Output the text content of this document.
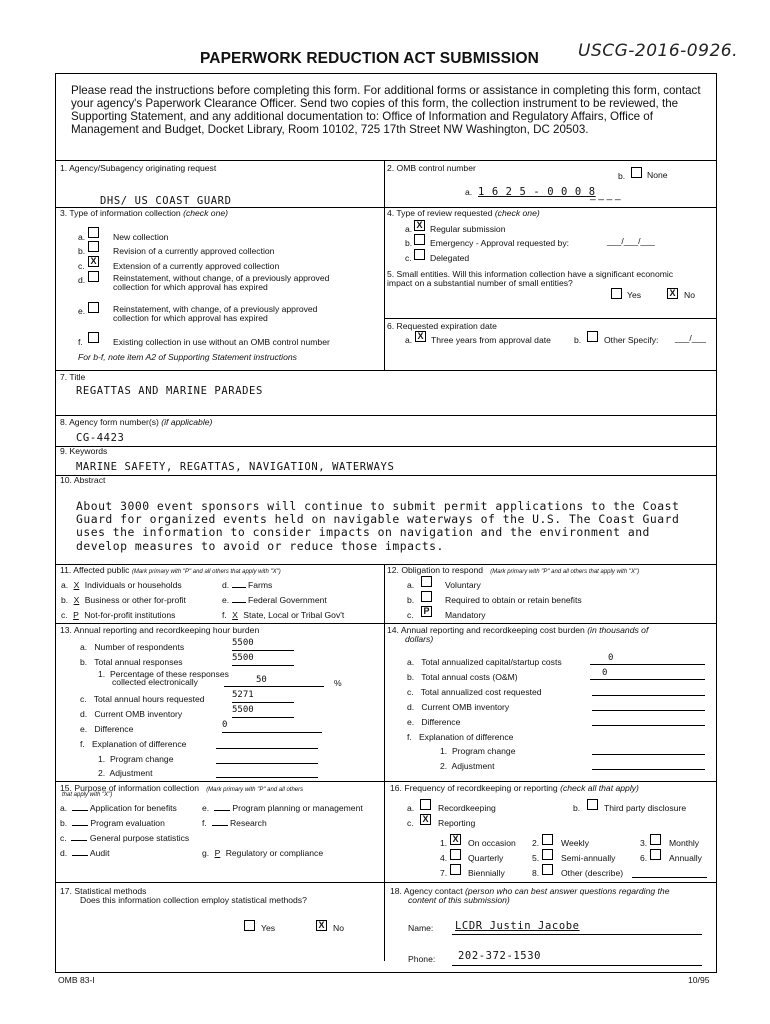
PAPERWORK REDUCTION ACT SUBMISSION USCG-2016-0926.
Please read the instructions before completing this form. For additional forms or assistance in completing this form, contact your agency's Paperwork Clearance Officer. Send two copies of this form, the collection instrument to be reviewed, the Supporting Statement, and any additional documentation to: Office of Information and Regulatory Affairs, Office of Management and Budget, Docket Library, Room 10102, 725 17th Street NW Washington, DC 20503.
1. Agency/Subagency originating request
DHS/ US COAST GUARD
2. OMB control number
b.	None
a. 1 6 2 5 - 0 0 0 8
_ _ _ _
3. Type of information collection (check one)
a.	New collection
b.	Revision of a currently approved collection
c. X Extension of a currently approved collection
d.	Reinstatement, without change, of a previously approved
collection for which approval has expired
e.	Reinstatement, with change, of a previously approved
collection for which approval has expired
f.	Existing collection in use without an OMB control number
For b-f, note item A2 of Supporting Statement instructions
4. Type of review requested (check one)
a. X Regular submission
b. Emergency - Approval requested by:	___/___/___
c. Delegated
5. Small entities. Will this information collection have a significant economic
impact on a substantial number of small entities?
Yes	X No
6. Requested expiration date
a. X Three years from approval date	b.	Other Specify: ___/___
7. Title
REGATTAS AND MARINE PARADES
8. Agency form number(s) (if applicable)
CG-4423
9. Keywords
MARINE SAFETY, REGATTAS, NAVIGATION, WATERWAYS
10. Abstract
About 3000 event sponsors will continue to submit permit applications to the Coast Guard for organized events held on navigable waterways of the U.S. The Coast Guard uses the information to consider impacts on navigation and the environment and develop measures to avoid or reduce those impacts.
11. Affected public (Mark primary with "P" and all others that apply with "X")
a. X Individuals or households
b. X Business or other for-profit
c. P Not-for-profit institutions
d. Farms
e. Federal Government
f. X State, Local or Tribal Gov't
12. Obligation to respond (Mark primary with "P" and all others that apply with "X")
a.	Voluntary
b.	Required to obtain or retain benefits
c. P Mandatory
13. Annual reporting and recordkeeping hour burden
a. Number of respondents	5500
b. Total annual responses	5500
1. Percentage of these responses
collected electronically	50	%
c. Total annual hours requested	5271
d. Current OMB inventory	5500
e. Difference	0
f. Explanation of difference
1. Program change
2. Adjustment
14. Annual reporting and recordkeeping cost burden (in thousands of
dollars)
a. Total annualized capital/startup costs	0
b. Total annual costs (O&M)	0
c. Total annualized cost requested
d. Current OMB inventory
e. Difference
f. Explanation of difference
1. Program change
2. Adjustment
15. Purpose of information collection (Mark primary with "P" and all others
that apply with "X")
a.	Application for benefits
b.	Program evaluation
c.	General purpose statistics
d.	Audit
e.	Program planning or management
f.	Research
g. P Regulatory or compliance
16. Frequency of recordkeeping or reporting (check all that apply)
a.	Recordkeeping	b.	Third party disclosure
c. X Reporting
1. X On occasion 2.	Weekly	3.	Monthly
4. Quarterly	5.	Semi-annually	6.	Annually
7. Biennially	8.	Other (describe)
17. Statistical methods
Does this information collection employ statistical methods?
Yes	X No
18. Agency contact (person who can best answer questions regarding the
content of this submission)
Name: LCDR Justin Jacobe
Phone: 202-372-1530
OMB 83-I	10/95
